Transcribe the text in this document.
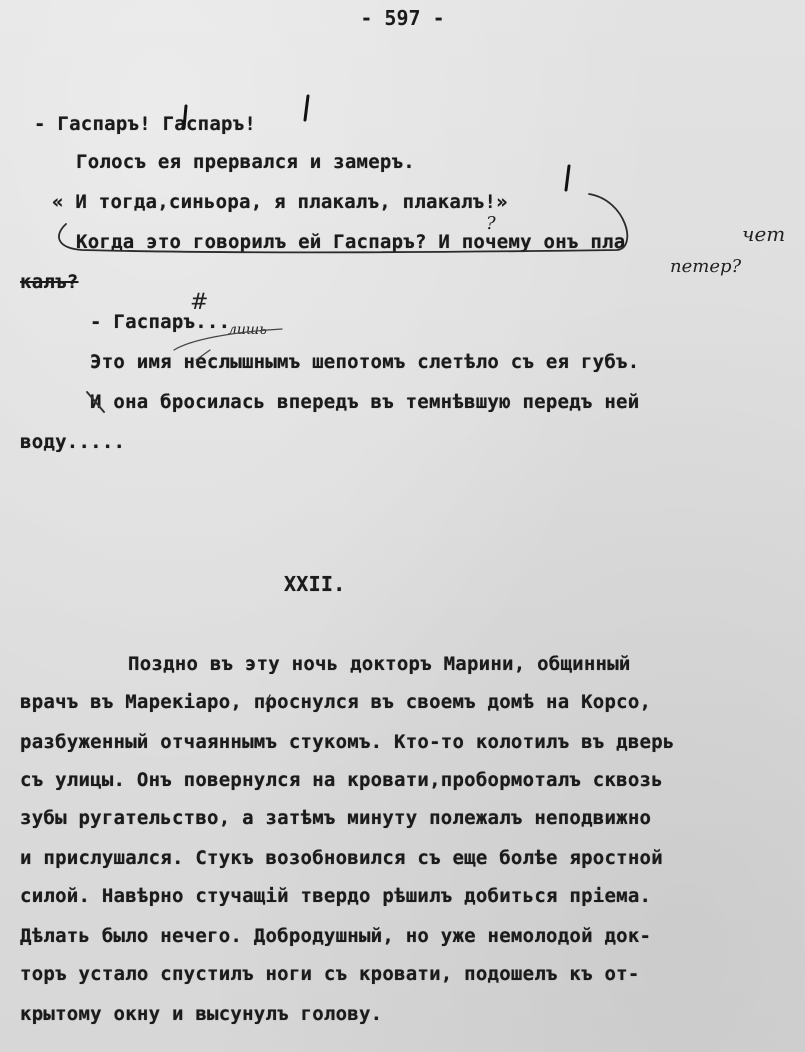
- 597 -
- Гаспаръ! Гаспаръ!
Голосъ ея прервался и замеръ.
« И тогда,синьора, я плакалъ, плакалъ!»
Когда это говорилъ ей Гаспаръ? И почему онъ пла
калъ?
- Гаспаръ...
Это имя неслышнымъ шепотомъ слетѣло съ ея губъ.
И она бросилась впередъ въ темнѣвшую передъ ней
воду.....
XXII.
Поздно въ эту ночь докторъ Марини, общинный
врачъ въ Марекіаро, проснулся въ своемъ домѣ на Корсо,
разбуженный отчаяннымъ стукомъ. Кто-то колотилъ въ дверь
съ улицы. Онъ повернулся на кровати,пробормоталъ сквозь
зубы ругательство, а затѣмъ минуту полежалъ неподвижно
и прислушался. Стукъ возобновился съ еще болѣе яростной
силой. Навѣрно стучащій твердо рѣшилъ добиться пріема.
Дѣлать было нечего. Добродушный, но уже немолодой док-
торъ устало спустилъ ноги съ кровати, подошелъ къ от-
крытому окну и высунулъ голову.
лишь
чет
петер?
#
?
